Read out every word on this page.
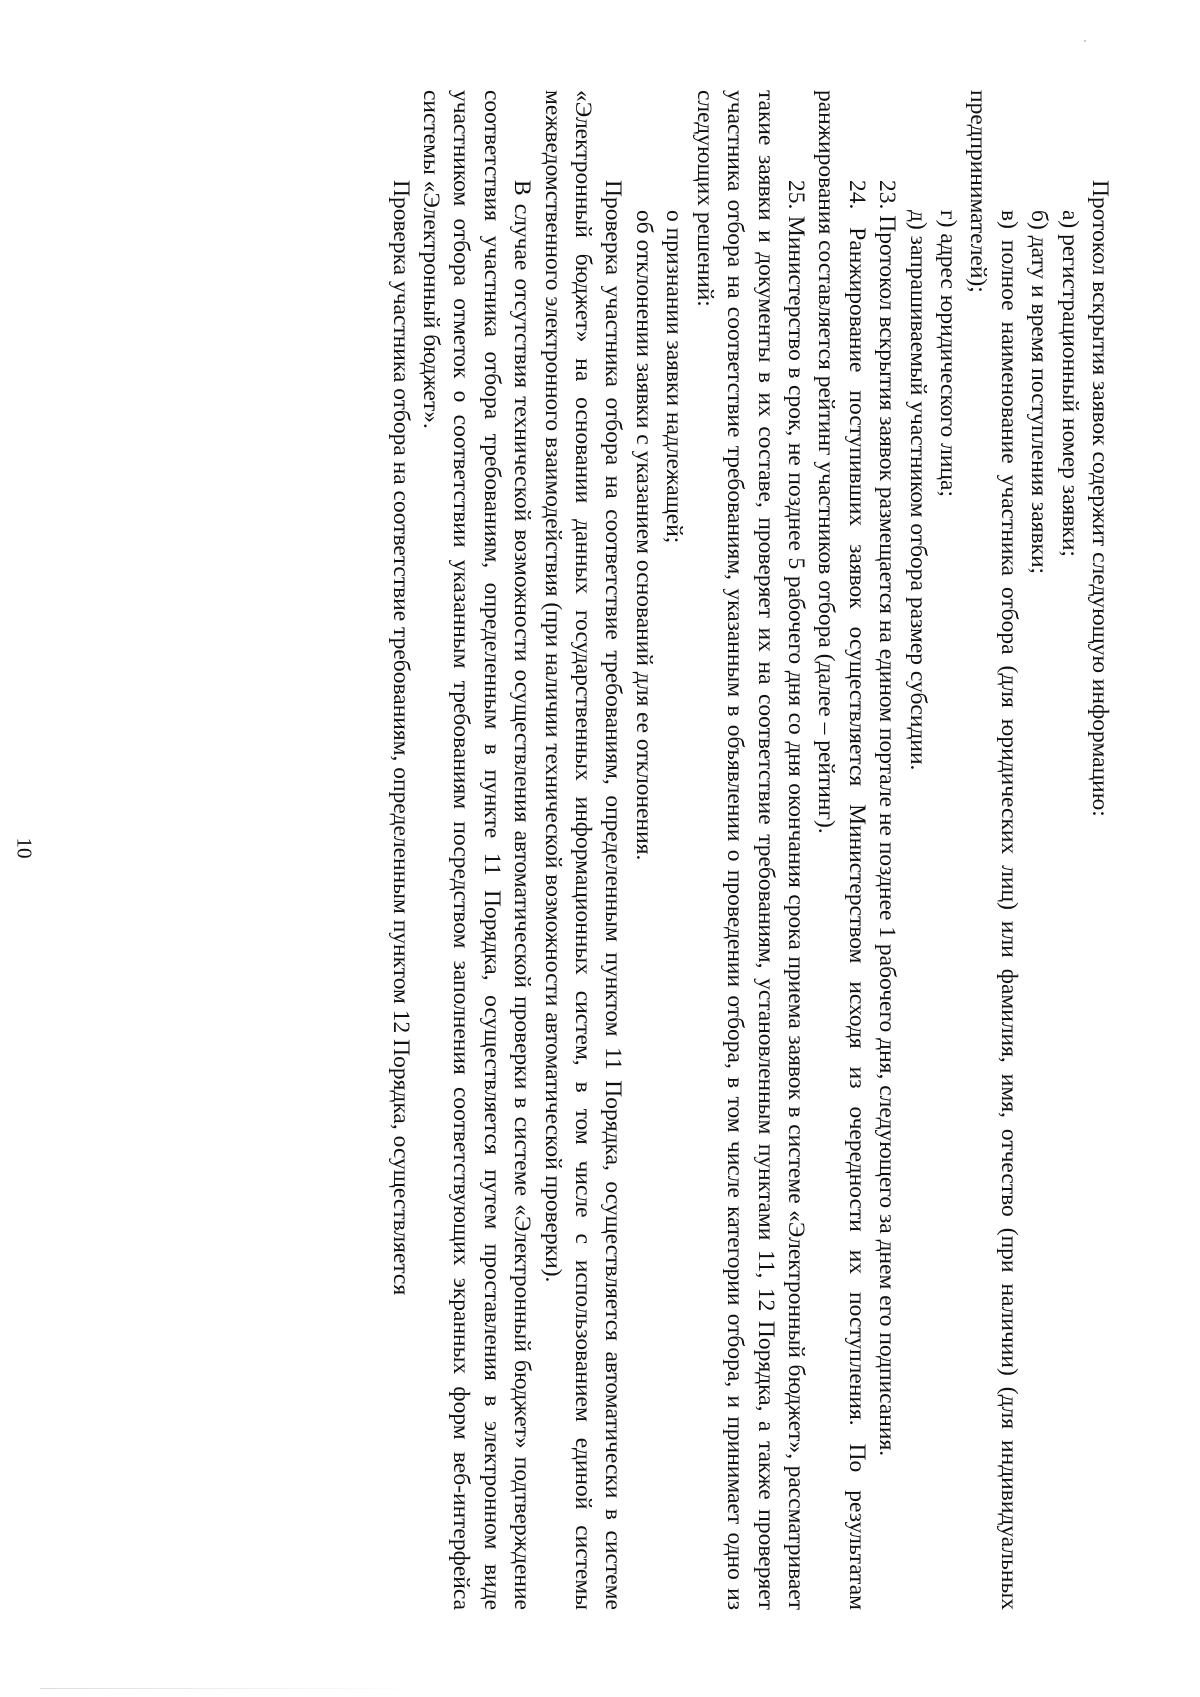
10

Протокол вскрытия заявок содержит следующую информацию:

а) регистрационный номер заявки;

б) дату и время поступления заявки;

в) полное наименование участника отбора (для юридических лиц) или фамилия, имя, отчество (при наличии) (для индивидуальных предпринимателей);

г) адрес юридического лица;

д) запрашиваемый участником отбора размер субсидии.

23. Протокол вскрытия заявок размещается на едином портале не позднее 1 рабочего дня, следующего за днем его подписания.

24. Ранжирование поступивших заявок осуществляется Министерством исходя из очередности их поступления. По результатам ранжирования составляется рейтинг участников отбора (далее – рейтинг).

25. Министерство в срок, не позднее 5 рабочего дня со дня окончания срока приема заявок в системе «Электронный бюджет», рассматривает такие заявки и документы в их составе, проверяет их на соответствие требованиям, установленным пунктами 11, 12 Порядка, а также проверяет участника отбора на соответствие требованиям, указанным в объявлении о проведении отбора, в том числе категории отбора, и принимает одно из следующих решений:

о признании заявки надлежащей;

об отклонении заявки с указанием оснований для ее отклонения.

Проверка участника отбора на соответствие требованиям, определенным пунктом 11 Порядка, осуществляется автоматически в системе «Электронный бюджет» на основании данных государственных информационных систем, в том числе с использованием единой системы межведомственного электронного взаимодействия (при наличии технической возможности автоматической проверки).

В случае отсутствия технической возможности осуществления автоматической проверки в системе «Электронный бюджет» подтверждение соответствия участника отбора требованиям, определенным в пункте 11 Порядка, осуществляется путем проставления в электронном виде участником отбора отметок о соответствии указанным требованиям посредством заполнения соответствующих экранных форм веб-интерфейса системы «Электронный бюджет».

Проверка участника отбора на соответствие требованиям, определенным пунктом 12 Порядка, осуществляется
